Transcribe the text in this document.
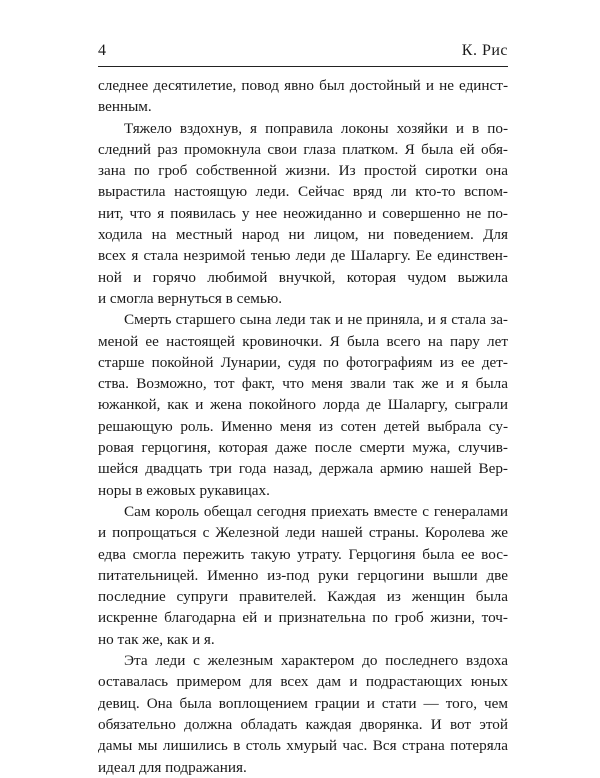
4	К. Рис
следнее десятилетие, повод явно был достойный и не единст-
венным.
Тяжело вздохнув, я поправила локоны хозяйки и в по-
следний раз промокнула свои глаза платком. Я была ей обя-
зана по гроб собственной жизни. Из простой сиротки она
вырастила настоящую леди. Сейчас вряд ли кто-то вспом-
нит, что я появилась у нее неожиданно и совершенно не по-
ходила на местный народ ни лицом, ни поведением. Для
всех я стала незримой тенью леди де Шаларгу. Ее единствен-
ной и горячо любимой внучкой, которая чудом выжила
и смогла вернуться в семью.
Смерть старшего сына леди так и не приняла, и я стала за-
меной ее настоящей кровиночки. Я была всего на пару лет
старше покойной Лунарии, судя по фотографиям из ее дет-
ства. Возможно, тот факт, что меня звали так же и я была
южанкой, как и жена покойного лорда де Шаларгу, сыграли
решающую роль. Именно меня из сотен детей выбрала су-
ровая герцогиня, которая даже после смерти мужа, случив-
шейся двадцать три года назад, держала армию нашей Вер-
норы в ежовых рукавицах.
Сам король обещал сегодня приехать вместе с генералами
и попрощаться с Железной леди нашей страны. Королева же
едва смогла пережить такую утрату. Герцогиня была ее вос-
питательницей. Именно из-под руки герцогини вышли две
последние супруги правителей. Каждая из женщин была
искренне благодарна ей и признательна по гроб жизни, точ-
но так же, как и я.
Эта леди с железным характером до последнего вздоха
оставалась примером для всех дам и подрастающих юных
девиц. Она была воплощением грации и стати — того, чем
обязательно должна обладать каждая дворянка. И вот этой
дамы мы лишились в столь хмурый час. Вся страна потеряла
идеал для подражания.
